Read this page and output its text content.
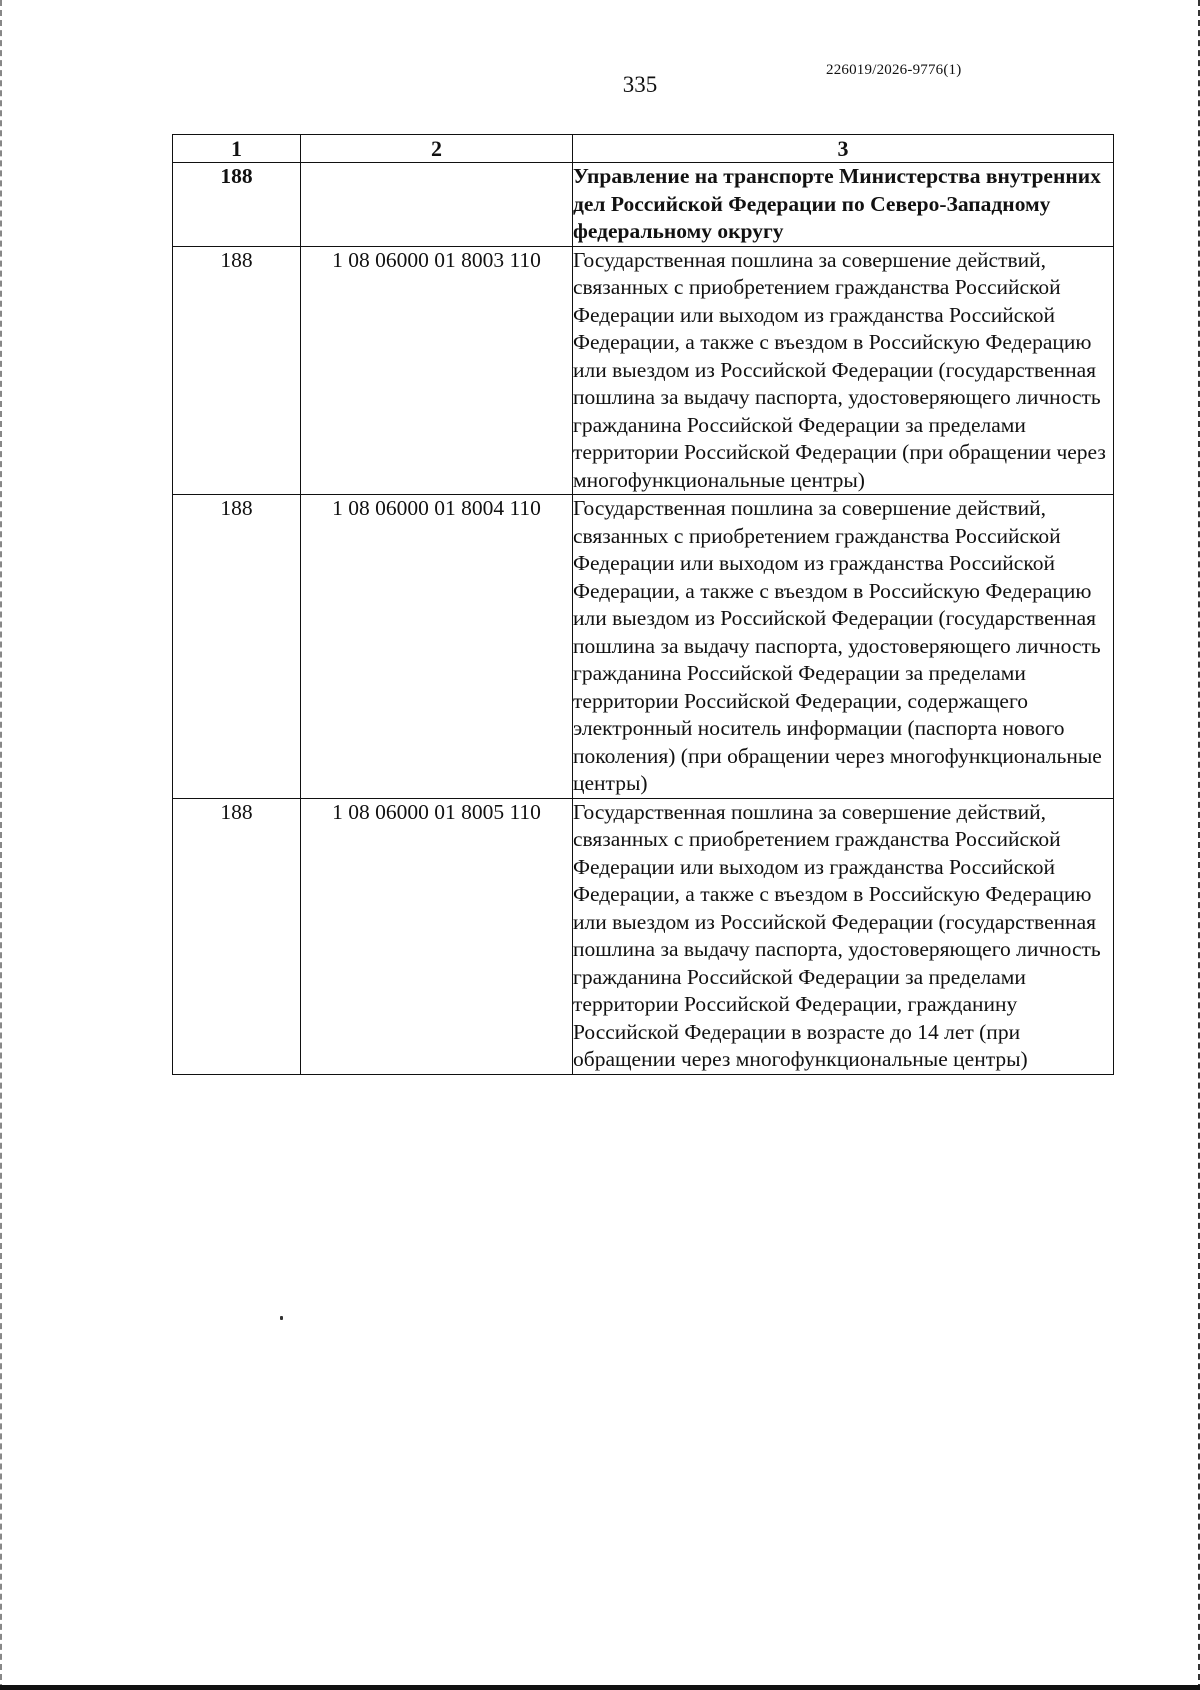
335
226019/2026-9776(1)
1	2	3
188		Управление на транспорте Министерства внутренних дел Российской Федерации по Северо-Западному федеральному округу
188	1 08 06000 01 8003 110	Государственная пошлина за совершение действий, связанных с приобретением гражданства Российской Федерации или выходом из гражданства Российской Федерации, а также с въездом в Российскую Федерацию или выездом из Российской Федерации (государственная пошлина за выдачу паспорта, удостоверяющего личность гражданина Российской Федерации за пределами территории Российской Федерации (при обращении через многофункциональные центры)
188	1 08 06000 01 8004 110	Государственная пошлина за совершение действий, связанных с приобретением гражданства Российской Федерации или выходом из гражданства Российской Федерации, а также с въездом в Российскую Федерацию или выездом из Российской Федерации (государственная пошлина за выдачу паспорта, удостоверяющего личность гражданина Российской Федерации за пределами территории Российской Федерации, содержащего электронный носитель информации (паспорта нового поколения) (при обращении через многофункциональные центры)
188	1 08 06000 01 8005 110	Государственная пошлина за совершение действий, связанных с приобретением гражданства Российской Федерации или выходом из гражданства Российской Федерации, а также с въездом в Российскую Федерацию или выездом из Российской Федерации (государственная пошлина за выдачу паспорта, удостоверяющего личность гражданина Российской Федерации за пределами территории Российской Федерации, гражданину Российской Федерации в возрасте до 14 лет (при обращении через многофункциональные центры)
